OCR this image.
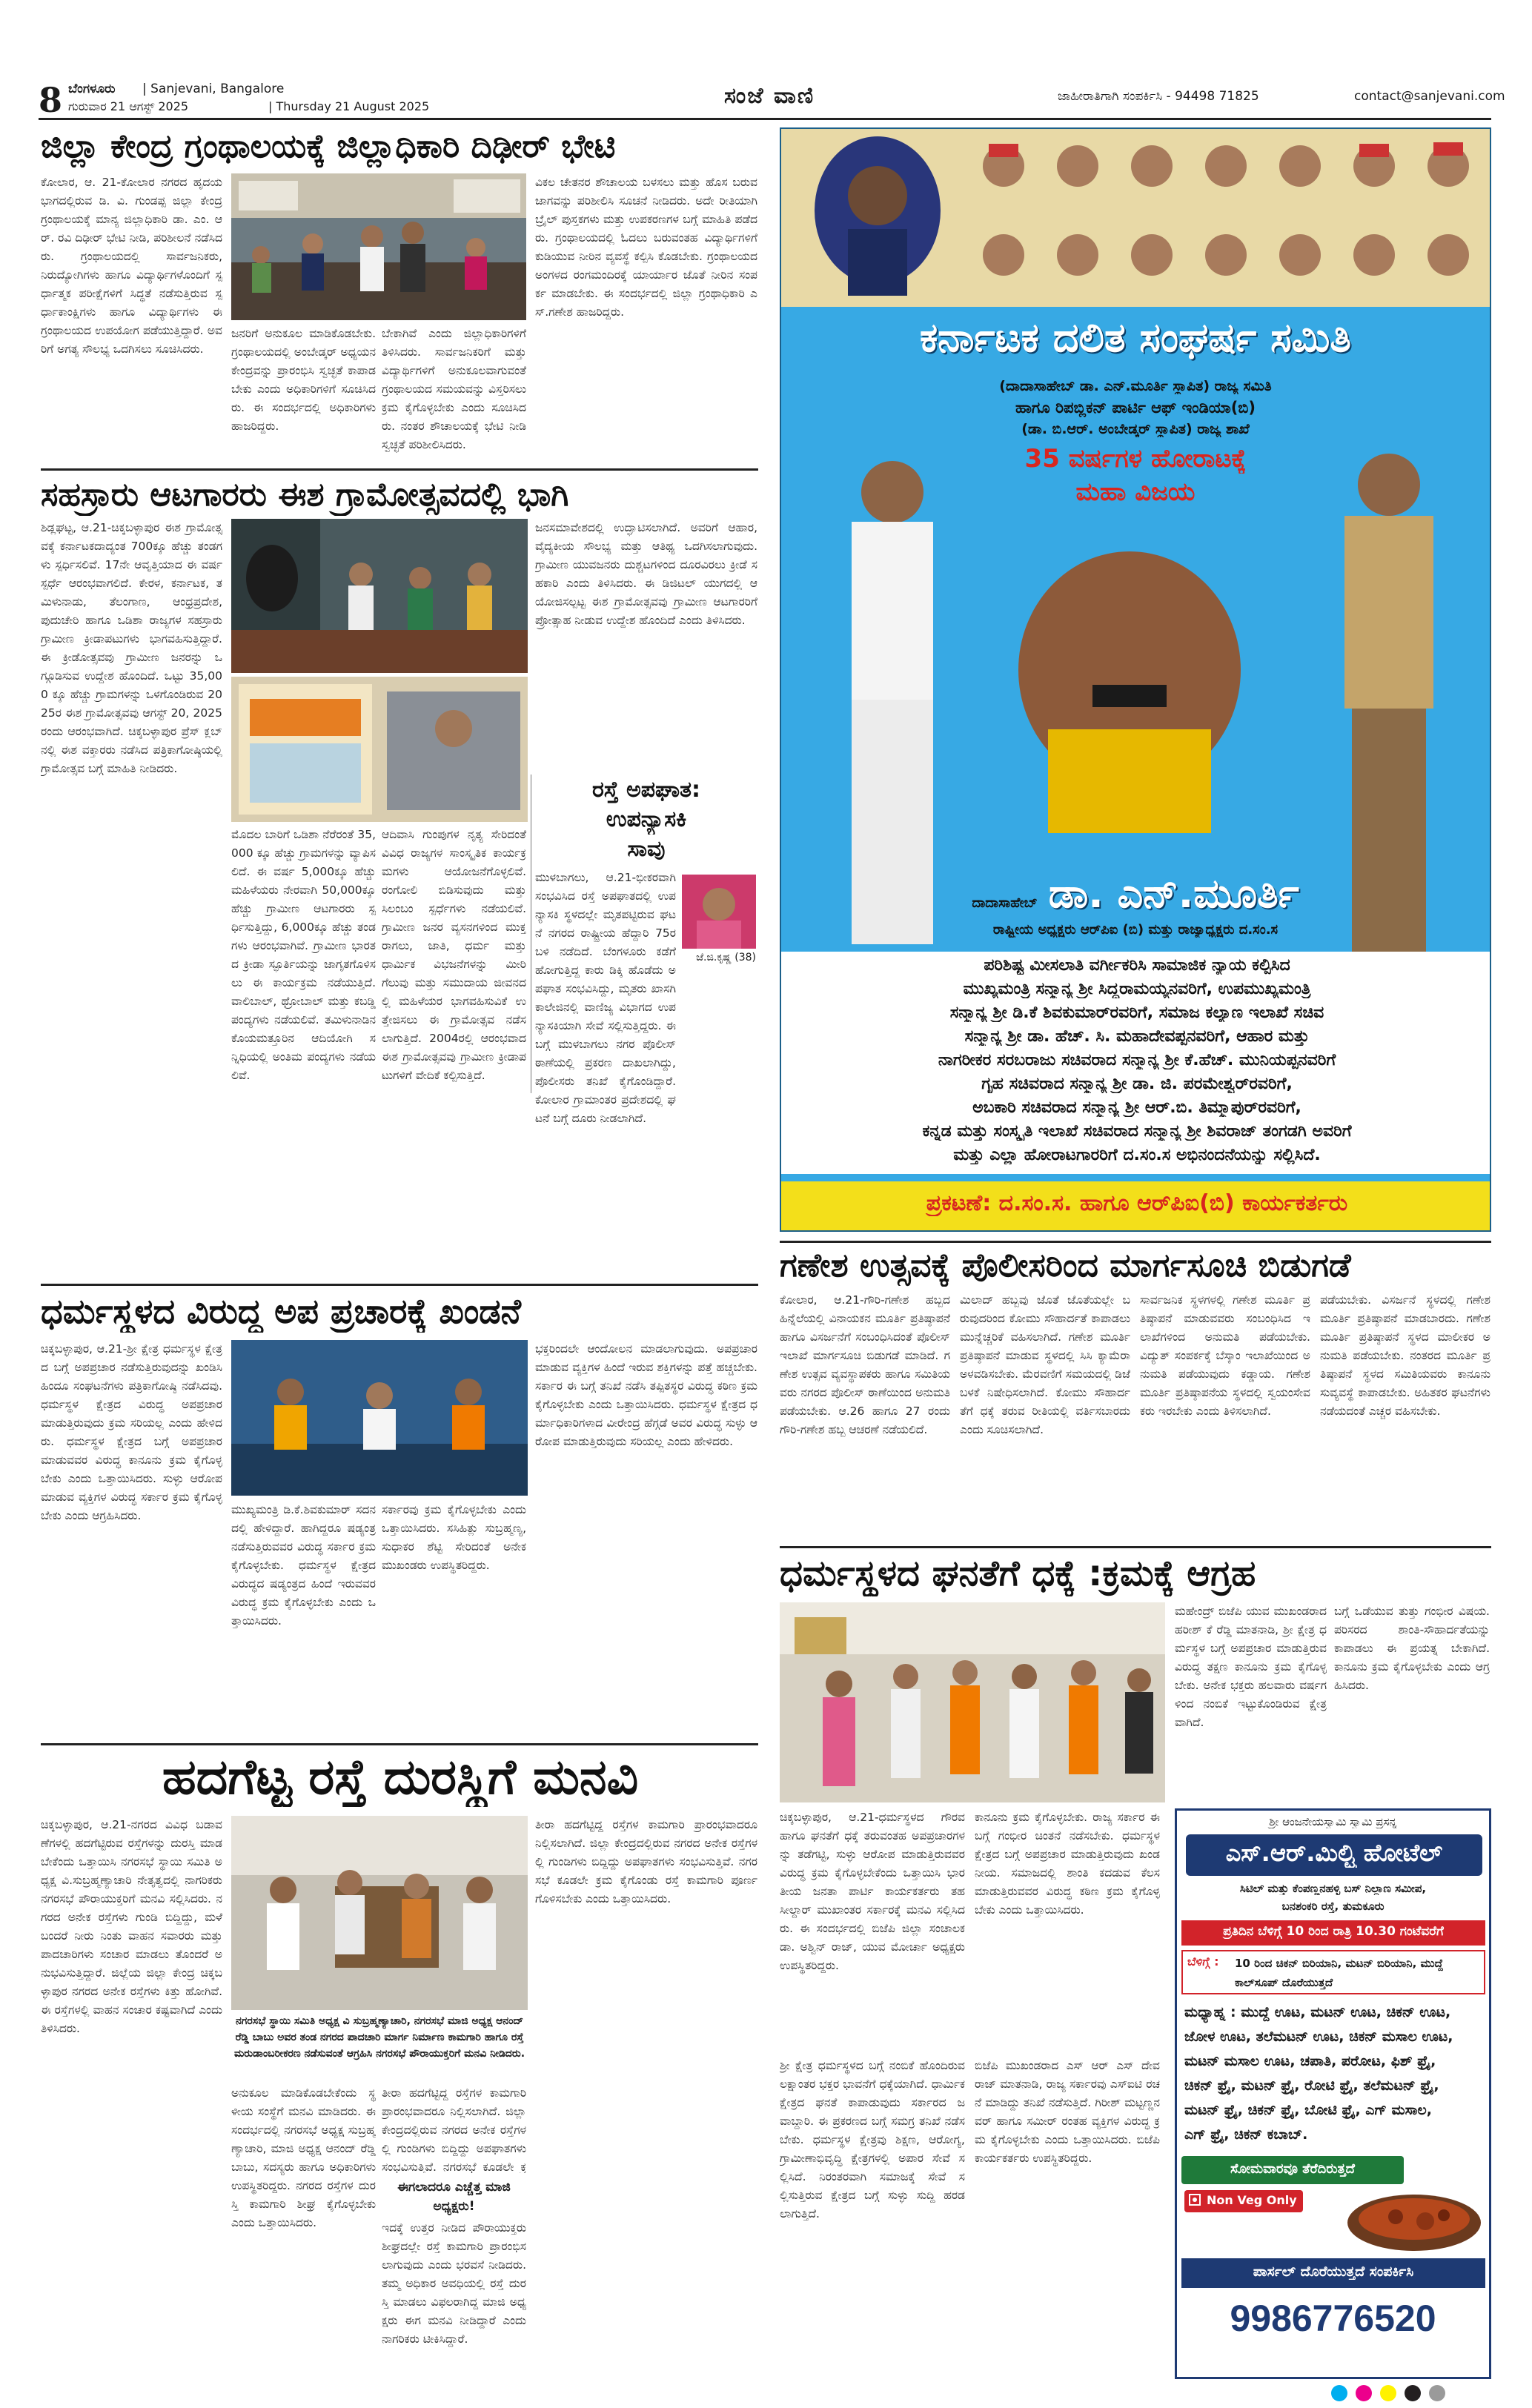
8 ಬೆಂಗಳೂರು | Sanjevani, Bangalore
ಗುರುವಾರ 21 ಆಗಸ್ಟ್ 2025	| Thursday 21 August 2025	ಸಂಜೆ ವಾಣಿ	ಜಾಹೀರಾತಿಗಾಗಿ ಸಂಪರ್ಕಿಸಿ - 94498 71825	contact@sanjevani.com
ಜಿಲ್ಲಾ ಕೇಂದ್ರ ಗ್ರಂಥಾಲಯಕ್ಕೆ ಜಿಲ್ಲಾಧಿಕಾರಿ ದಿಢೀರ್ ಭೇಟಿ
ಕೋಲಾರ, ಆ. 21-ಕೋಲಾರ ನಗರದ ಹೃದಯ ಭಾಗದಲ್ಲಿರುವ ಡಿ. ವಿ. ಗುಂಡಪ್ಪ ಜಿಲ್ಲಾ ಕೇಂದ್ರ ಗ್ರಂಥಾಲಯಕ್ಕೆ ಮಾನ್ಯ ಜಿಲ್ಲಾಧಿಕಾರಿ ಡಾ. ಎಂ. ಆರ್. ರವಿ ದಿಢೀರ್ ಭೇಟಿ ನೀಡಿ, ಪರಿಶೀಲನೆ ನಡೆಸಿದರು. ಗ್ರಂಥಾಲಯದಲ್ಲಿ ಸಾರ್ವಜನಿಕರು, ನಿರುದ್ಯೋಗಿಗಳು ಹಾಗೂ ವಿದ್ಯಾರ್ಥಿಗಳೊಂದಿಗೆ ಸ್ಪರ್ಧಾತ್ಮಕ ಪರೀಕ್ಷೆಗಳಿಗೆ ಸಿದ್ಧತೆ ನಡೆಸುತ್ತಿರುವ ಸ್ಪರ್ಧಾಕಾಂಕ್ಷಿಗಳು ಹಾಗೂ ವಿದ್ಯಾರ್ಥಿಗಳು ಈ ಗ್ರಂಥಾಲಯದ ಉಪಯೋಗ ಪಡೆಯುತ್ತಿದ್ದಾರೆ. ಅವರಿಗೆ ಅಗತ್ಯ ಸೌಲಭ್ಯ ಒದಗಿಸಲು ಸೂಚಿಸಿದರು.
ಜನರಿಗೆ ಅನುಕೂಲ ಮಾಡಿಕೊಡಬೇಕು. ಗ್ರಂಥಾಲಯದಲ್ಲಿ ಅಂಬೇಡ್ಕರ್ ಅಧ್ಯಯನ ಕೇಂದ್ರವನ್ನು ಪ್ರಾರಂಭಿಸಿ ಸ್ವಚ್ಛತೆ ಕಾಪಾಡಬೇಕು ಎಂದು ಅಧಿಕಾರಿಗಳಿಗೆ ಸೂಚಿಸಿದರು. ಈ ಸಂದರ್ಭದಲ್ಲಿ ಅಧಿಕಾರಿಗಳು ಹಾಜರಿದ್ದರು.
ಬೇಕಾಗಿವೆ ಎಂದು ಜಿಲ್ಲಾಧಿಕಾರಿಗಳಿಗೆ ತಿಳಿಸಿದರು. ಸಾರ್ವಜನಿಕರಿಗೆ ಮತ್ತು ವಿದ್ಯಾರ್ಥಿಗಳಿಗೆ ಅನುಕೂಲವಾಗುವಂತೆ ಗ್ರಂಥಾಲಯದ ಸಮಯವನ್ನು ವಿಸ್ತರಿಸಲು ಕ್ರಮ ಕೈಗೊಳ್ಳಬೇಕು ಎಂದು ಸೂಚಿಸಿದರು. ನಂತರ ಶೌಚಾಲಯಕ್ಕೆ ಭೇಟಿ ನೀಡಿ ಸ್ವಚ್ಛತೆ ಪರಿಶೀಲಿಸಿದರು.
ವಿಕಲ ಚೇತನರ ಶೌಚಾಲಯ ಬಳಸಲು ಮತ್ತು ಹೊಸ ಬರುವ ಜಾಗವನ್ನು ಪರಿಶೀಲಿಸಿ ಸೂಚನೆ ನೀಡಿದರು. ಅದೇ ರೀತಿಯಾಗಿ ಬ್ರೈಲ್ ಪುಸ್ತಕಗಳು ಮತ್ತು ಉಪಕರಣಗಳ ಬಗ್ಗೆ ಮಾಹಿತಿ ಪಡೆದರು. ಗ್ರಂಥಾಲಯದಲ್ಲಿ ಓದಲು ಬರುವಂತಹ ವಿದ್ಯಾರ್ಥಿಗಳಿಗೆ ಕುಡಿಯುವ ನೀರಿನ ವ್ಯವಸ್ಥೆ ಕಲ್ಪಿಸಿ ಕೊಡಬೇಕು. ಗ್ರಂಥಾಲಯದ ಅಂಗಳದ ರಂಗಮಂದಿರಕ್ಕೆ ಯಾರ್ಯಾರ ಜೊತೆ ನೀರಿನ ಸಂಪರ್ಕ ಮಾಡಬೇಕು. ಈ ಸಂದರ್ಭದಲ್ಲಿ ಜಿಲ್ಲಾ ಗ್ರಂಥಾಧಿಕಾರಿ ಎಸ್.ಗಣೇಶ ಹಾಜರಿದ್ದರು.
ಸಹಸ್ರಾರು ಆಟಗಾರರು ಈಶ ಗ್ರಾಮೋತ್ಸವದಲ್ಲಿ ಭಾಗಿ
ಶಿಡ್ಲಘಟ್ಟ, ಆ.21-ಚಿಕ್ಕಬಳ್ಳಾಪುರ ಈಶ ಗ್ರಾಮೋತ್ಸವಕ್ಕೆ ಕರ್ನಾಟಕದಾದ್ಯಂತ 700ಕ್ಕೂ ಹೆಚ್ಚು ತಂಡಗಳು ಸ್ಪರ್ಧಿಸಲಿವೆ. 17ನೇ ಆವೃತ್ತಿಯಾದ ಈ ವರ್ಷ ಸ್ಪರ್ಧೆ ಆರಂಭವಾಗಲಿದೆ. ಕೇರಳ, ಕರ್ನಾಟಕ, ತಮಿಳುನಾಡು, ತೆಲಂಗಾಣ, ಆಂಧ್ರಪ್ರದೇಶ, ಪುದುಚೇರಿ ಹಾಗೂ ಒಡಿಶಾ ರಾಜ್ಯಗಳ ಸಹಸ್ರಾರು ಗ್ರಾಮೀಣ ಕ್ರೀಡಾಪಟುಗಳು ಭಾಗವಹಿಸುತ್ತಿದ್ದಾರೆ. ಈ ಕ್ರೀಡೋತ್ಸವವು ಗ್ರಾಮೀಣ ಜನರನ್ನು ಒಗ್ಗೂಡಿಸುವ ಉದ್ದೇಶ ಹೊಂದಿದೆ. ಒಟ್ಟು 35,000 ಕ್ಕೂ ಹೆಚ್ಚು ಗ್ರಾಮಗಳನ್ನು ಒಳಗೊಂಡಿರುವ 2025ರ ಈಶ ಗ್ರಾಮೋತ್ಸವವು ಆಗಸ್ಟ್ 20, 2025 ರಂದು ಆರಂಭವಾಗಿದೆ. ಚಿಕ್ಕಬಳ್ಳಾಪುರ ಪ್ರೆಸ್ ಕ್ಲಬ್ ನಲ್ಲಿ ಈಶ ವಕ್ತಾರರು ನಡೆಸಿದ ಪತ್ರಿಕಾಗೋಷ್ಠಿಯಲ್ಲಿ ಗ್ರಾಮೋತ್ಸವ ಬಗ್ಗೆ ಮಾಹಿತಿ ನೀಡಿದರು.
ಜನಸಮಾವೇಶದಲ್ಲಿ ಉದ್ಘಾಟಿಸಲಾಗಿದೆ. ಅವರಿಗೆ ಆಹಾರ, ವೈದ್ಯಕೀಯ ಸೌಲಭ್ಯ ಮತ್ತು ಆತಿಥ್ಯ ಒದಗಿಸಲಾಗುವುದು. ಗ್ರಾಮೀಣ ಯುವಜನರು ದುಶ್ಚಟಗಳಿಂದ ದೂರವಿರಲು ಕ್ರೀಡೆ ಸಹಕಾರಿ ಎಂದು ತಿಳಿಸಿದರು. ಈ ಡಿಜಿಟಲ್ ಯುಗದಲ್ಲಿ ಆಯೋಜಿಸಲ್ಪಟ್ಟ ಈಶ ಗ್ರಾಮೋತ್ಸವವು ಗ್ರಾಮೀಣ ಆಟಗಾರರಿಗೆ ಪ್ರೋತ್ಸಾಹ ನೀಡುವ ಉದ್ದೇಶ ಹೊಂದಿದೆ ಎಂದು ತಿಳಿಸಿದರು.
ರಸ್ತೆ ಅಪಘಾತ:
ಉಪನ್ಯಾಸಕಿ
ಸಾವು
ಜೆ.ಜಿ.ಕೃಷ್ಣ (38)
ಮುಳಬಾಗಲು, ಆ.21-ಭೀಕರವಾಗಿ ಸಂಭವಿಸಿದ ರಸ್ತೆ ಅಪಘಾತದಲ್ಲಿ ಉಪನ್ಯಾಸಕಿ ಸ್ಥಳದಲ್ಲೇ ಮೃತಪಟ್ಟಿರುವ ಘಟನೆ ನಗರದ ರಾಷ್ಟ್ರೀಯ ಹೆದ್ದಾರಿ 75ರ ಬಳಿ ನಡೆದಿದೆ. ಬೆಂಗಳೂರು ಕಡೆಗೆ ಹೋಗುತ್ತಿದ್ದ ಕಾರು ಡಿಕ್ಕಿ ಹೊಡೆದು ಅಪಘಾತ ಸಂಭವಿಸಿದ್ದು, ಮೃತರು ಖಾಸಗಿ ಕಾಲೇಜಿನಲ್ಲಿ ವಾಣಿಜ್ಯ ವಿಭಾಗದ ಉಪನ್ಯಾಸಕಿಯಾಗಿ ಸೇವೆ ಸಲ್ಲಿಸುತ್ತಿದ್ದರು. ಈ ಬಗ್ಗೆ ಮುಳಬಾಗಲು ನಗರ ಪೊಲೀಸ್ ಠಾಣೆಯಲ್ಲಿ ಪ್ರಕರಣ ದಾಖಲಾಗಿದ್ದು, ಪೊಲೀಸರು ತನಿಖೆ ಕೈಗೊಂಡಿದ್ದಾರೆ. ಕೋಲಾರ ಗ್ರಾಮಾಂತರ ಪ್ರದೇಶದಲ್ಲಿ ಘಟನೆ ಬಗ್ಗೆ ದೂರು ನೀಡಲಾಗಿದೆ.
ಮೊದಲ ಬಾರಿಗೆ ಒಡಿಶಾ ನೆರೆರಂತೆ 35,000 ಕ್ಕೂ ಹೆಚ್ಚು ಗ್ರಾಮಗಳನ್ನು ವ್ಯಾಪಿಸಲಿದೆ. ಈ ವರ್ಷ 5,000ಕ್ಕೂ ಹೆಚ್ಚು ಮಹಿಳೆಯರು ನೇರವಾಗಿ 50,000ಕ್ಕೂ ಹೆಚ್ಚು ಗ್ರಾಮೀಣ ಆಟಗಾರರು ಸ್ಪರ್ಧಿಸುತ್ತಿದ್ದು, 6,000ಕ್ಕೂ ಹೆಚ್ಚು ತಂಡಗಳು ಆರಂಭವಾಗಿವೆ. ಗ್ರಾಮೀಣ ಭಾರತದ ಕ್ರೀಡಾ ಸ್ಫೂರ್ತಿಯನ್ನು ಜಾಗೃತಗೊಳಿಸಲು ಈ ಕಾರ್ಯಕ್ರಮ ನಡೆಯುತ್ತಿದೆ. ವಾಲಿಬಾಲ್, ಥ್ರೋಬಾಲ್ ಮತ್ತು ಕಬಡ್ಡಿ ಪಂದ್ಯಗಳು ನಡೆಯಲಿವೆ. ತಮಿಳುನಾಡಿನ ಕೊಯಮತ್ತೂರಿನ ಆದಿಯೋಗಿ ಸನ್ನಿಧಿಯಲ್ಲಿ ಅಂತಿಮ ಪಂದ್ಯಗಳು ನಡೆಯಲಿವೆ.
ಆದಿವಾಸಿ ಗುಂಪುಗಳ ನೃತ್ಯ ಸೇರಿದಂತೆ ವಿವಿಧ ರಾಜ್ಯಗಳ ಸಾಂಸ್ಕೃತಿಕ ಕಾರ್ಯಕ್ರಮಗಳು ಆಯೋಜನೆಗೊಳ್ಳಲಿವೆ. ರಂಗೋಲಿ ಬಿಡಿಸುವುದು ಮತ್ತು ಸಿಲಂಬಂ ಸ್ಪರ್ಧೆಗಳು ನಡೆಯಲಿವೆ. ಗ್ರಾಮೀಣ ಜನರ ವ್ಯಸನಗಳಿಂದ ಮುಕ್ತರಾಗಲು, ಜಾತಿ, ಧರ್ಮ ಮತ್ತು ಧಾರ್ಮಿಕ ವಿಭಜನೆಗಳನ್ನು ಮೀರಿ ಗೆಲುವು ಮತ್ತು ಸಮುದಾಯ ಜೀವನದಲ್ಲಿ ಮಹಿಳೆಯರ ಭಾಗವಹಿಸುವಿಕೆ ಉತ್ತೇಜಿಸಲು ಈ ಗ್ರಾಮೋತ್ಸವ ನಡೆಸಲಾಗುತ್ತಿದೆ. 2004ರಲ್ಲಿ ಆರಂಭವಾದ ಈಶ ಗ್ರಾಮೋತ್ಸವವು ಗ್ರಾಮೀಣ ಕ್ರೀಡಾಪಟುಗಳಿಗೆ ವೇದಿಕೆ ಕಲ್ಪಿಸುತ್ತಿದೆ.
ಧರ್ಮಸ್ಥಳದ ವಿರುದ್ಧ ಅಪ ಪ್ರಚಾರಕ್ಕೆ ಖಂಡನೆ
ಚಿಕ್ಕಬಳ್ಳಾಪುರ, ಆ.21-ಶ್ರೀ ಕ್ಷೇತ್ರ ಧರ್ಮಸ್ಥಳ ಕ್ಷೇತ್ರದ ಬಗ್ಗೆ ಅಪಪ್ರಚಾರ ನಡೆಸುತ್ತಿರುವುದನ್ನು ಖಂಡಿಸಿ ಹಿಂದೂ ಸಂಘಟನೆಗಳು ಪತ್ರಿಕಾಗೋಷ್ಠಿ ನಡೆಸಿದವು. ಧರ್ಮಸ್ಥಳ ಕ್ಷೇತ್ರದ ವಿರುದ್ಧ ಅಪಪ್ರಚಾರ ಮಾಡುತ್ತಿರುವುದು ಕ್ರಮ ಸರಿಯಲ್ಲ ಎಂದು ಹೇಳಿದರು. ಧರ್ಮಸ್ಥಳ ಕ್ಷೇತ್ರದ ಬಗ್ಗೆ ಅಪಪ್ರಚಾರ ಮಾಡುವವರ ವಿರುದ್ಧ ಕಾನೂನು ಕ್ರಮ ಕೈಗೊಳ್ಳಬೇಕು ಎಂದು ಒತ್ತಾಯಿಸಿದರು. ಸುಳ್ಳು ಆರೋಪ ಮಾಡುವ ವ್ಯಕ್ತಿಗಳ ವಿರುದ್ಧ ಸರ್ಕಾರ ಕ್ರಮ ಕೈಗೊಳ್ಳಬೇಕು ಎಂದು ಆಗ್ರಹಿಸಿದರು.	ಮುಖ್ಯಮಂತ್ರಿ ಡಿ.ಕೆ.ಶಿವಕುಮಾರ್ ಸದನದಲ್ಲಿ ಹೇಳಿದ್ದಾರೆ. ಹಾಗಿದ್ದರೂ ಷಡ್ಯಂತ್ರ ನಡೆಸುತ್ತಿರುವವರ ವಿರುದ್ಧ ಸರ್ಕಾರ ಕ್ರಮ ಕೈಗೊಳ್ಳಬೇಕು. ಧರ್ಮಸ್ಥಳ ಕ್ಷೇತ್ರದ ವಿರುದ್ಧದ ಷಡ್ಯಂತ್ರದ ಹಿಂದೆ ಇರುವವರ ವಿರುದ್ಧ ಕ್ರಮ ಕೈಗೊಳ್ಳಬೇಕು ಎಂದು ಒತ್ತಾಯಿಸಿದರು.
ಸರ್ಕಾರವು ಕ್ರಮ ಕೈಗೊಳ್ಳಬೇಕು ಎಂದು ಒತ್ತಾಯಿಸಿದರು. ಸಸಿಹಿತ್ಲು ಸುಬ್ರಹ್ಮಣ್ಯ, ಸುಧಾಕರ ಶೆಟ್ಟಿ ಸೇರಿದಂತೆ ಅನೇಕ ಮುಖಂಡರು ಉಪಸ್ಥಿತರಿದ್ದರು.
ಭಕ್ತರಿಂದಲೇ ಆಂದೋಲನ ಮಾಡಲಾಗುವುದು. ಅಪಪ್ರಚಾರ ಮಾಡುವ ವ್ಯಕ್ತಿಗಳ ಹಿಂದೆ ಇರುವ ಶಕ್ತಿಗಳನ್ನು ಪತ್ತೆ ಹಚ್ಚಬೇಕು. ಸರ್ಕಾರ ಈ ಬಗ್ಗೆ ತನಿಖೆ ನಡೆಸಿ ತಪ್ಪಿತಸ್ಥರ ವಿರುದ್ಧ ಕಠಿಣ ಕ್ರಮ ಕೈಗೊಳ್ಳಬೇಕು ಎಂದು ಒತ್ತಾಯಿಸಿದರು. ಧರ್ಮಸ್ಥಳ ಕ್ಷೇತ್ರದ ಧರ್ಮಾಧಿಕಾರಿಗಳಾದ ವೀರೇಂದ್ರ ಹೆಗ್ಗಡೆ ಅವರ ವಿರುದ್ಧ ಸುಳ್ಳು ಆರೋಪ ಮಾಡುತ್ತಿರುವುದು ಸರಿಯಲ್ಲ ಎಂದು ಹೇಳಿದರು.
ಹದಗೆಟ್ಟ ರಸ್ತೆ ದುರಸ್ಥಿಗೆ ಮನವಿ
ಚಿಕ್ಕಬಳ್ಳಾಪುರ, ಆ.21-ನಗರದ ವಿವಿಧ ಬಡಾವಣೆಗಳಲ್ಲಿ ಹದಗೆಟ್ಟಿರುವ ರಸ್ತೆಗಳನ್ನು ದುರಸ್ತಿ ಮಾಡಬೇಕೆಂದು ಒತ್ತಾಯಿಸಿ ನಗರಸಭೆ ಸ್ಥಾಯಿ ಸಮಿತಿ ಅಧ್ಯಕ್ಷ ವಿ.ಸುಬ್ರಹ್ಮಣ್ಯಾಚಾರಿ ನೇತೃತ್ವದಲ್ಲಿ ನಾಗರಿಕರು ನಗರಸಭೆ ಪೌರಾಯುಕ್ತರಿಗೆ ಮನವಿ ಸಲ್ಲಿಸಿದರು. ನಗರದ ಅನೇಕ ರಸ್ತೆಗಳು ಗುಂಡಿ ಬಿದ್ದಿದ್ದು, ಮಳೆ ಬಂದರೆ ನೀರು ನಿಂತು ವಾಹನ ಸವಾರರು ಮತ್ತು ಪಾದಚಾರಿಗಳು ಸಂಚಾರ ಮಾಡಲು ತೊಂದರೆ ಅನುಭವಿಸುತ್ತಿದ್ದಾರೆ. ಜಿಲ್ಲೆಯ ಜಿಲ್ಲಾ ಕೇಂದ್ರ ಚಿಕ್ಕಬಳ್ಳಾಪುರ ನಗರದ ಅನೇಕ ರಸ್ತೆಗಳು ಕಿತ್ತು ಹೋಗಿವೆ. ಈ ರಸ್ತೆಗಳಲ್ಲಿ ವಾಹನ ಸಂಚಾರ ಕಷ್ಟವಾಗಿದೆ ಎಂದು ತಿಳಿಸಿದರು.
ನಗರಸಭೆ ಸ್ಥಾಯಿ ಸಮಿತಿ ಅಧ್ಯಕ್ಷ ವಿ ಸುಬ್ರಹ್ಮಣ್ಯಾಚಾರಿ, ನಗರಸಭೆ ಮಾಜಿ ಅಧ್ಯಕ್ಷ ಆನಂದ್ ರೆಡ್ಡಿ ಬಾಬು ಅವರ ತಂಡ ನಗರದ ಪಾದಚಾರಿ ಮಾರ್ಗ ನಿರ್ಮಾಣ ಕಾಮಗಾರಿ ಹಾಗೂ ರಸ್ತೆ ಮರುಡಾಂಬರೀಕರಣ ನಡೆಸುವಂತೆ ಆಗ್ರಹಿಸಿ ನಗರಸಭೆ ಪೌರಾಯುಕ್ತರಿಗೆ ಮನವಿ ನೀಡಿದರು.
ಅನುಕೂಲ ಮಾಡಿಕೊಡಬೇಕೆಂದು ಸ್ಥಳೀಯ ಸಂಸ್ಥೆಗೆ ಮನವಿ ಮಾಡಿದರು. ಈ ಸಂದರ್ಭದಲ್ಲಿ ನಗರಸಭೆ ಅಧ್ಯಕ್ಷ ಸುಬ್ರಹ್ಮಣ್ಯಾಚಾರಿ, ಮಾಜಿ ಅಧ್ಯಕ್ಷ ಆನಂದ್ ರೆಡ್ಡಿ ಬಾಬು, ಸದಸ್ಯರು ಹಾಗೂ ಅಧಿಕಾರಿಗಳು ಉಪಸ್ಥಿತರಿದ್ದರು. ನಗರದ ರಸ್ತೆಗಳ ದುರಸ್ತಿ ಕಾಮಗಾರಿ ಶೀಘ್ರ ಕೈಗೊಳ್ಳಬೇಕು ಎಂದು ಒತ್ತಾಯಿಸಿದರು.
ತೀರಾ ಹದಗೆಟ್ಟಿದ್ದ ರಸ್ತೆಗಳ ಕಾಮಗಾರಿ ಪ್ರಾರಂಭವಾದರೂ ನಿಲ್ಲಿಸಲಾಗಿದೆ. ಜಿಲ್ಲಾ ಕೇಂದ್ರದಲ್ಲಿರುವ ನಗರದ ಅನೇಕ ರಸ್ತೆಗಳಲ್ಲಿ ಗುಂಡಿಗಳು ಬಿದ್ದಿದ್ದು ಅಪಘಾತಗಳು ಸಂಭವಿಸುತ್ತಿವೆ. ನಗರಸಭೆ ಕೂಡಲೇ ಕ್ರ
ಈಗಲಾದರೂ ಎಚ್ಚೆತ್ತ ಮಾಜಿ ಅಧ್ಯಕ್ಷರು!
ಇದಕ್ಕೆ ಉತ್ತರ ನೀಡಿದ ಪೌರಾಯುಕ್ತರು ಶೀಘ್ರದಲ್ಲೇ ರಸ್ತೆ ಕಾಮಗಾರಿ ಪ್ರಾರಂಭಿಸಲಾಗುವುದು ಎಂದು ಭರವಸೆ ನೀಡಿದರು. ತಮ್ಮ ಅಧಿಕಾರ ಅವಧಿಯಲ್ಲಿ ರಸ್ತೆ ದುರಸ್ತಿ ಮಾಡಲು ವಿಫಲರಾಗಿದ್ದ ಮಾಜಿ ಅಧ್ಯಕ್ಷರು ಈಗ ಮನವಿ ನೀಡಿದ್ದಾರೆ ಎಂದು ನಾಗರಿಕರು ಟೀಕಿಸಿದ್ದಾರೆ.
ತೀರಾ ಹದಗೆಟ್ಟಿದ್ದ ರಸ್ತೆಗಳ ಕಾಮಗಾರಿ ಪ್ರಾರಂಭವಾದರೂ ನಿಲ್ಲಿಸಲಾಗಿದೆ. ಜಿಲ್ಲಾ ಕೇಂದ್ರದಲ್ಲಿರುವ ನಗರದ ಅನೇಕ ರಸ್ತೆಗಳಲ್ಲಿ ಗುಂಡಿಗಳು ಬಿದ್ದಿದ್ದು ಅಪಘಾತಗಳು ಸಂಭವಿಸುತ್ತಿವೆ. ನಗರಸಭೆ ಕೂಡಲೇ ಕ್ರಮ ಕೈಗೊಂಡು ರಸ್ತೆ ಕಾಮಗಾರಿ ಪೂರ್ಣಗೊಳಿಸಬೇಕು ಎಂದು ಒತ್ತಾಯಿಸಿದರು.
ಕರ್ನಾಟಕ ದಲಿತ ಸಂಘರ್ಷ ಸಮಿತಿ
(ದಾದಾಸಾಹೇಬ್ ಡಾ. ಎನ್.ಮೂರ್ತಿ ಸ್ಥಾಪಿತ) ರಾಜ್ಯ ಸಮಿತಿ
ಹಾಗೂ ರಿಪಬ್ಲಿಕನ್ ಪಾರ್ಟಿ ಆಫ್ ಇಂಡಿಯಾ(ಬಿ)
(ಡಾ. ಬಿ.ಆರ್. ಅಂಬೇಡ್ಕರ್ ಸ್ಥಾಪಿತ) ರಾಜ್ಯ ಶಾಖೆ
35 ವರ್ಷಗಳ ಹೋರಾಟಕ್ಕೆ
ಮಹಾ ವಿಜಯ
ದಾದಾಸಾಹೇಬ್ ಡಾ. ಎನ್.ಮೂರ್ತಿ
ರಾಷ್ಟ್ರೀಯ ಅಧ್ಯಕ್ಷರು ಆರ್‌ಪಿಐ (ಬಿ) ಮತ್ತು ರಾಜ್ಯಾಧ್ಯಕ್ಷರು ದ.ಸಂ.ಸ
ಪರಿಶಿಷ್ಟ ಮೀಸಲಾತಿ ವರ್ಗೀಕರಿಸಿ ಸಾಮಾಜಿಕ ನ್ಯಾಯ ಕಲ್ಪಿಸಿದ
ಮುಖ್ಯಮಂತ್ರಿ ಸನ್ಮಾನ್ಯ ಶ್ರೀ ಸಿದ್ದರಾಮಯ್ಯನವರಿಗೆ, ಉಪಮುಖ್ಯಮಂತ್ರಿ
ಸನ್ಮಾನ್ಯ ಶ್ರೀ ಡಿ.ಕೆ ಶಿವಕುಮಾರ್‌ರವರಿಗೆ, ಸಮಾಜ ಕಲ್ಯಾಣ ಇಲಾಖೆ ಸಚಿವ
ಸನ್ಮಾನ್ಯ ಶ್ರೀ ಡಾ. ಹೆಚ್. ಸಿ. ಮಹಾದೇವಪ್ಪನವರಿಗೆ, ಆಹಾರ ಮತ್ತು
ನಾಗರೀಕರ ಸರಬರಾಜು ಸಚಿವರಾದ ಸನ್ಮಾನ್ಯ ಶ್ರೀ ಕೆ.ಹೆಚ್. ಮುನಿಯಪ್ಪನವರಿಗೆ
ಗೃಹ ಸಚಿವರಾದ ಸನ್ಮಾನ್ಯ ಶ್ರೀ ಡಾ. ಜಿ. ಪರಮೇಶ್ವರ್‌ರವರಿಗೆ,
ಅಬಕಾರಿ ಸಚಿವರಾದ ಸನ್ಮಾನ್ಯ ಶ್ರೀ ಆರ್.ಬಿ. ತಿಮ್ಮಾಪುರ್‌ರವರಿಗೆ,
ಕನ್ನಡ ಮತ್ತು ಸಂಸ್ಕೃತಿ ಇಲಾಖೆ ಸಚಿವರಾದ ಸನ್ಮಾನ್ಯ ಶ್ರೀ ಶಿವರಾಜ್ ತಂಗಡಗಿ ಅವರಿಗೆ
ಮತ್ತು ಎಲ್ಲಾ ಹೋರಾಟಗಾರರಿಗೆ ದ.ಸಂ.ಸ ಅಭಿನಂದನೆಯನ್ನು ಸಲ್ಲಿಸಿದೆ.
ಪ್ರಕಟಣೆ: ದ.ಸಂ.ಸ. ಹಾಗೂ ಆರ್‌ಪಿಐ(ಬಿ) ಕಾರ್ಯಕರ್ತರು
ಗಣೇಶ ಉತ್ಸವಕ್ಕೆ ಪೊಲೀಸರಿಂದ ಮಾರ್ಗಸೂಚಿ ಬಿಡುಗಡೆ
ಕೋಲಾರ, ಆ.21-ಗೌರಿ-ಗಣೇಶ ಹಬ್ಬದ ಹಿನ್ನೆಲೆಯಲ್ಲಿ ವಿನಾಯಕನ ಮೂರ್ತಿ ಪ್ರತಿಷ್ಠಾಪನೆ ಹಾಗೂ ವಿಸರ್ಜನೆಗೆ ಸಂಬಂಧಿಸಿದಂತೆ ಪೊಲೀಸ್ ಇಲಾಖೆ ಮಾರ್ಗಸೂಚಿ ಬಿಡುಗಡೆ ಮಾಡಿದೆ. ಗಣೇಶ ಉತ್ಸವ ವ್ಯವಸ್ಥಾಪಕರು ಹಾಗೂ ಸಮಿತಿಯವರು ನಗರದ ಪೊಲೀಸ್ ಠಾಣೆಯಿಂದ ಅನುಮತಿ ಪಡೆಯಬೇಕು. ಆ.26 ಹಾಗೂ 27 ರಂದು ಗೌರಿ-ಗಣೇಶ ಹಬ್ಬ ಆಚರಣೆ ನಡೆಯಲಿದೆ.
ಮಿಲಾದ್ ಹಬ್ಬವು ಜೊತೆ ಜೊತೆಯಲ್ಲೇ ಬರುವುದರಿಂದ ಕೋಮು ಸೌಹಾರ್ದತೆ ಕಾಪಾಡಲು ಮುನ್ನೆಚ್ಚರಿಕೆ ವಹಿಸಲಾಗಿದೆ. ಗಣೇಶ ಮೂರ್ತಿ ಪ್ರತಿಷ್ಠಾಪನೆ ಮಾಡುವ ಸ್ಥಳದಲ್ಲಿ ಸಿಸಿ ಕ್ಯಾಮೆರಾ ಅಳವಡಿಸಬೇಕು. ಮೆರವಣಿಗೆ ಸಮಯದಲ್ಲಿ ಡಿಜೆ ಬಳಕೆ ನಿಷೇಧಿಸಲಾಗಿದೆ. ಕೋಮು ಸೌಹಾರ್ದತೆಗೆ ಧಕ್ಕೆ ತರುವ ರೀತಿಯಲ್ಲಿ ವರ್ತಿಸಬಾರದು ಎಂದು ಸೂಚಿಸಲಾಗಿದೆ.
ಸಾರ್ವಜನಿಕ ಸ್ಥಳಗಳಲ್ಲಿ ಗಣೇಶ ಮೂರ್ತಿ ಪ್ರತಿಷ್ಠಾಪನೆ ಮಾಡುವವರು ಸಂಬಂಧಿಸಿದ ಇಲಾಖೆಗಳಿಂದ ಅನುಮತಿ ಪಡೆಯಬೇಕು. ವಿದ್ಯುತ್ ಸಂಪರ್ಕಕ್ಕೆ ಬೆಸ್ಕಾಂ ಇಲಾಖೆಯಿಂದ ಅನುಮತಿ ಪಡೆಯುವುದು ಕಡ್ಡಾಯ. ಗಣೇಶ ಮೂರ್ತಿ ಪ್ರತಿಷ್ಠಾಪನೆಯ ಸ್ಥಳದಲ್ಲಿ ಸ್ವಯಂಸೇವಕರು ಇರಬೇಕು ಎಂದು ತಿಳಿಸಲಾಗಿದೆ.
ಪಡೆಯಬೇಕು. ವಿಸರ್ಜನೆ ಸ್ಥಳದಲ್ಲಿ ಗಣೇಶ ಮೂರ್ತಿ ಪ್ರತಿಷ್ಠಾಪನೆ ಮಾಡಬಾರದು. ಗಣೇಶ ಮೂರ್ತಿ ಪ್ರತಿಷ್ಠಾಪನೆ ಸ್ಥಳದ ಮಾಲೀಕರ ಅನುಮತಿ ಪಡೆಯಬೇಕು. ನಂತರದ ಮೂರ್ತಿ ಪ್ರತಿಷ್ಠಾಪನೆ ಸ್ಥಳದ ಸಮಿತಿಯವರು ಕಾನೂನು ಸುವ್ಯವಸ್ಥೆ ಕಾಪಾಡಬೇಕು. ಅಹಿತಕರ ಘಟನೆಗಳು ನಡೆಯದಂತೆ ಎಚ್ಚರ ವಹಿಸಬೇಕು.
ಧರ್ಮಸ್ಥಳದ ಘನತೆಗೆ ಧಕ್ಕೆ :ಕ್ರಮಕ್ಕೆ ಆಗ್ರಹ
ಮಹೇಂದ್ರ್ ಬಿಜೆಪಿ ಯುವ ಮುಖಂಡರಾದ ಹರೀಶ್ ಕೆ ರೆಡ್ಡಿ ಮಾತನಾಡಿ, ಶ್ರೀ ಕ್ಷೇತ್ರ ಧರ್ಮಸ್ಥಳ ಬಗ್ಗೆ ಅಪಪ್ರಚಾರ ಮಾಡುತ್ತಿರುವ ವಿರುದ್ಧ ತಕ್ಷಣ ಕಾನೂನು ಕ್ರಮ ಕೈಗೊಳ್ಳಬೇಕು. ಅನೇಕ ಭಕ್ತರು ಹಲವಾರು ವರ್ಷಗಳಿಂದ ನಂಬಿಕೆ ಇಟ್ಟುಕೊಂಡಿರುವ ಕ್ಷೇತ್ರವಾಗಿದೆ.
ಬಗ್ಗೆ ಒಡೆಯುವ ತುತ್ತು ಗಂಭೀರ ವಿಷಯ. ಪರಿಸರದ ಶಾಂತಿ-ಸೌಹಾರ್ದತೆಯನ್ನು ಕಾಪಾಡಲು ಈ ಪ್ರಯತ್ನ ಬೇಕಾಗಿದೆ. ಕಾನೂನು ಕ್ರಮ ಕೈಗೊಳ್ಳಬೇಕು ಎಂದು ಆಗ್ರಹಿಸಿದರು.
ಚಿಕ್ಕಬಳ್ಳಾಪುರ, ಆ.21-ಧರ್ಮಸ್ಥಳದ ಗೌರವ ಹಾಗೂ ಘನತೆಗೆ ಧಕ್ಕೆ ತರುವಂತಹ ಅಪಪ್ರಚಾರಗಳನ್ನು ತಡೆಗಟ್ಟಿ, ಸುಳ್ಳು ಆರೋಪ ಮಾಡುತ್ತಿರುವವರ ವಿರುದ್ಧ ಕ್ರಮ ಕೈಗೊಳ್ಳಬೇಕೆಂದು ಒತ್ತಾಯಿಸಿ ಭಾರತೀಯ ಜನತಾ ಪಾರ್ಟಿ ಕಾರ್ಯಕರ್ತರು ತಹಸೀಲ್ದಾರ್ ಮುಖಾಂತರ ಸರ್ಕಾರಕ್ಕೆ ಮನವಿ ಸಲ್ಲಿಸಿದರು. ಈ ಸಂದರ್ಭದಲ್ಲಿ ಬಿಜೆಪಿ ಜಿಲ್ಲಾ ಸಂಚಾಲಕ ಡಾ. ಅಶ್ವಿನ್ ರಾಜ್, ಯುವ ಮೋರ್ಚಾ ಅಧ್ಯಕ್ಷರು ಉಪಸ್ಥಿತರಿದ್ದರು.
ಕಾನೂನು ಕ್ರಮ ಕೈಗೊಳ್ಳಬೇಕು. ರಾಜ್ಯ ಸರ್ಕಾರ ಈ ಬಗ್ಗೆ ಗಂಭೀರ ಚಿಂತನೆ ನಡೆಸಬೇಕು. ಧರ್ಮಸ್ಥಳ ಕ್ಷೇತ್ರದ ಬಗ್ಗೆ ಅಪಪ್ರಚಾರ ಮಾಡುತ್ತಿರುವುದು ಖಂಡನೀಯ. ಸಮಾಜದಲ್ಲಿ ಶಾಂತಿ ಕದಡುವ ಕೆಲಸ ಮಾಡುತ್ತಿರುವವರ ವಿರುದ್ಧ ಕಠಿಣ ಕ್ರಮ ಕೈಗೊಳ್ಳಬೇಕು ಎಂದು ಒತ್ತಾಯಿಸಿದರು.
ಶ್ರೀ ಕ್ಷೇತ್ರ ಧರ್ಮಸ್ಥಳದ ಬಗ್ಗೆ ನಂಬಿಕೆ ಹೊಂದಿರುವ ಲಕ್ಷಾಂತರ ಭಕ್ತರ ಭಾವನೆಗೆ ಧಕ್ಕೆಯಾಗಿದೆ. ಧಾರ್ಮಿಕ ಕ್ಷೇತ್ರದ ಘನತೆ ಕಾಪಾಡುವುದು ಸರ್ಕಾರದ ಜವಾಬ್ದಾರಿ. ಈ ಪ್ರಕರಣದ ಬಗ್ಗೆ ಸಮಗ್ರ ತನಿಖೆ ನಡೆಸಬೇಕು. ಧರ್ಮಸ್ಥಳ ಕ್ಷೇತ್ರವು ಶಿಕ್ಷಣ, ಆರೋಗ್ಯ, ಗ್ರಾಮೀಣಾಭಿವೃದ್ಧಿ ಕ್ಷೇತ್ರಗಳಲ್ಲಿ ಅಪಾರ ಸೇವೆ ಸಲ್ಲಿಸಿದೆ. ನಿರಂತರವಾಗಿ ಸಮಾಜಕ್ಕೆ ಸೇವೆ ಸಲ್ಲಿಸುತ್ತಿರುವ ಕ್ಷೇತ್ರದ ಬಗ್ಗೆ ಸುಳ್ಳು ಸುದ್ದಿ ಹರಡಲಾಗುತ್ತಿದೆ.
ಬಿಜೆಪಿ ಮುಖಂಡರಾದ ಎಸ್ ಆರ್ ಎಸ್ ದೇವರಾಜ್ ಮಾತನಾಡಿ, ರಾಜ್ಯ ಸರ್ಕಾರವು ಎಸ್‌ಐಟಿ ರಚನೆ ಮಾಡಿದ್ದು ತನಿಖೆ ನಡೆಸುತ್ತಿದೆ. ಗಿರೀಶ್ ಮಟ್ಟಣ್ಣನವರ್ ಹಾಗೂ ಸಮೀರ್ ರಂತಹ ವ್ಯಕ್ತಿಗಳ ವಿರುದ್ಧ ಕ್ರಮ ಕೈಗೊಳ್ಳಬೇಕು ಎಂದು ಒತ್ತಾಯಿಸಿದರು. ಬಿಜೆಪಿ ಕಾರ್ಯಕರ್ತರು ಉಪಸ್ಥಿತರಿದ್ದರು.
ಶ್ರೀ ಆಂಜನೇಯಸ್ವಾಮಿ ಸ್ವಾಮಿ ಪ್ರಸನ್ನ
ಎಸ್.ಆರ್.ಮಿಲ್ಟ್ರಿ ಹೋಟೆಲ್
ಸಿಟಿಲ್ ಮತ್ತು ಕೆಂಪಣ್ಣನಹಳ್ಳಿ ಬಸ್ ನಿಲ್ದಾಣ ಸಮೀಪ,
ಬನಶಂಕರಿ ರಸ್ತೆ, ತುಮಕೂರು
ಪ್ರತಿದಿನ ಬೆಳಿಗ್ಗೆ 10 ರಿಂದ ರಾತ್ರಿ 10.30 ಗಂಟೆವರೆಗೆ
ಬೆಳಿಗ್ಗೆ : 10 ರಿಂದ ಚಿಕನ್ ಬಿರಿಯಾನಿ, ಮಟನ್ ಬಿರಿಯಾನಿ, ಮುದ್ದೆ ಕಾಲ್‌ಸೂಪ್ ದೊರೆಯುತ್ತದೆ
ಮಧ್ಯಾಹ್ನ : ಮುದ್ದೆ ಊಟ, ಮಟನ್ ಊಟ, ಚಿಕನ್ ಊಟ,
ಜೋಳ ಊಟ, ತಲೆಮಟನ್ ಊಟ, ಚಿಕನ್ ಮಸಾಲ ಊಟ,
ಮಟನ್ ಮಸಾಲ ಊಟ, ಚಪಾತಿ, ಪರೋಟ, ಫಿಶ್ ಫ್ರೈ,
ಚಿಕನ್ ಫ್ರೈ, ಮಟನ್ ಫ್ರೈ, ರೋಟಿ ಫ್ರೈ, ತಲೆಮಟನ್ ಫ್ರೈ,
ಮಟನ್ ಫ್ರೈ, ಚಿಕನ್ ಫ್ರೈ, ಬೋಟಿ ಫ್ರೈ, ಎಗ್ ಮಸಾಲ,
ಎಗ್ ಫ್ರೈ, ಚಿಕನ್ ಕಬಾಬ್.
ಸೋಮವಾರವೂ ತೆರೆದಿರುತ್ತದೆ
Non Veg Only
ಪಾರ್ಸಲ್ ದೊರೆಯುತ್ತದೆ ಸಂಪರ್ಕಿಸಿ
9986776520
